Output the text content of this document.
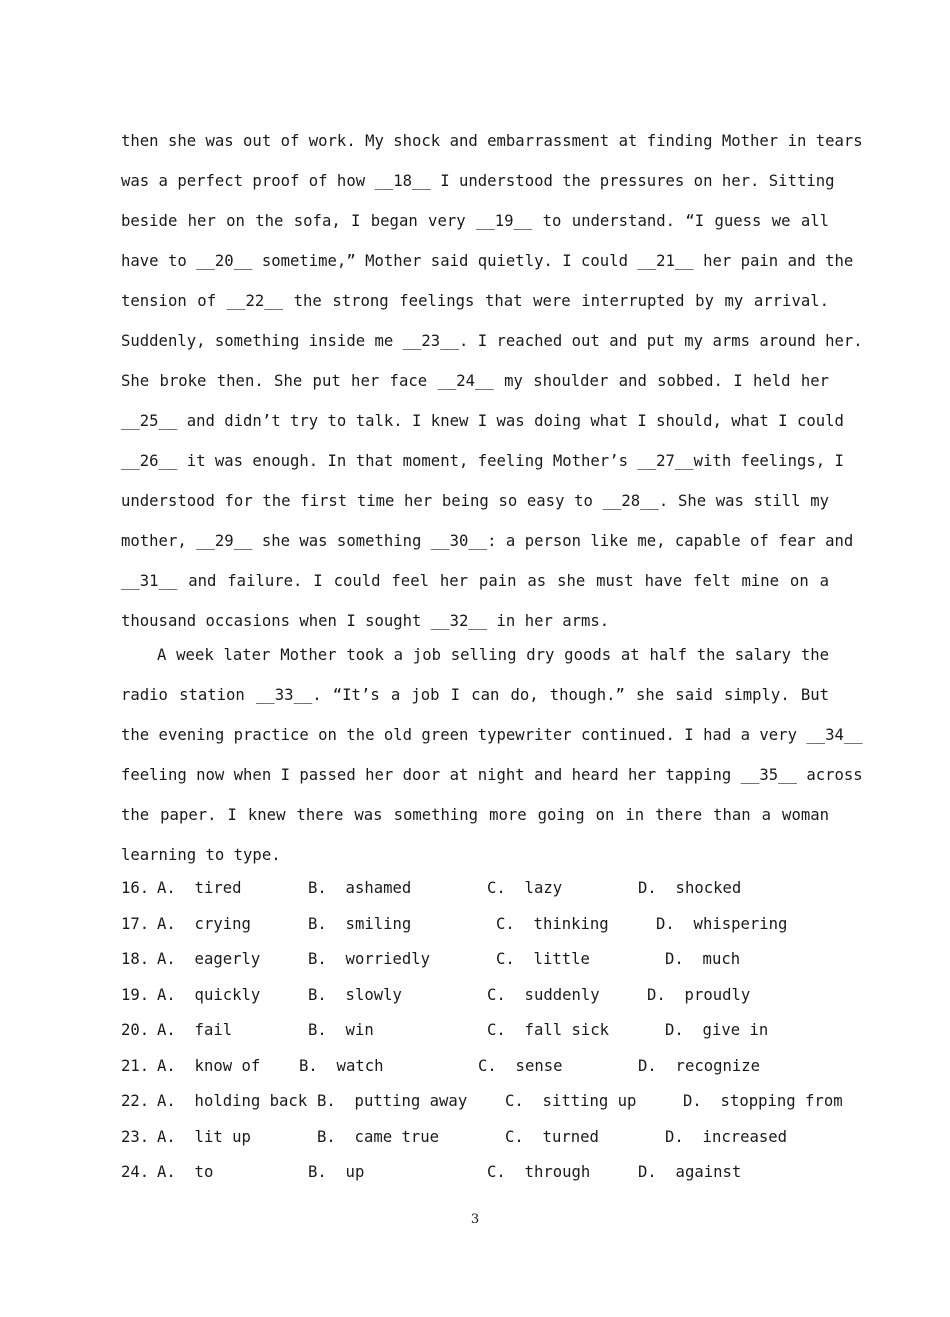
then she was out of work. My shock and embarrassment at finding Mother in tears
was a perfect proof of how __18__ I understood the pressures on her. Sitting
beside her on the sofa, I began very __19__ to understand. “I guess we all
have to __20__ sometime,” Mother said quietly. I could __21__ her pain and the
tension of __22__ the strong feelings that were interrupted by my arrival.
Suddenly, something inside me __23__. I reached out and put my arms around her.
She broke then. She put her face __24__ my shoulder and sobbed. I held her
__25__ and didn’t try to talk. I knew I was doing what I should, what I could
__26__ it was enough. In that moment, feeling Mother’s __27__with feelings, I
understood for the first time her being so easy to __28__. She was still my
mother, __29__ she was something __30__: a person like me, capable of fear and
__31__ and failure. I could feel her pain as she must have felt mine on a
thousand occasions when I sought __32__ in her arms.
A week later Mother took a job selling dry goods at half the salary the
radio station __33__. “It’s a job I can do, though.” she said simply. But
the evening practice on the old green typewriter continued. I had a very __34__
feeling now when I passed her door at night and heard her tapping __35__ across
the paper. I knew there was something more going on in there than a woman
learning to type.
16. A.  tired	B.  ashamed	C.  lazy	D.  shocked
17. A.  crying	B.  smiling	C.  thinking	D.  whispering
18. A.  eagerly	B.  worriedly	C.  little	D.  much
19. A.  quickly	B.  slowly	C.  suddenly	D.  proudly
20. A.  fail	B.  win	C.  fall sick	D.  give in
21. A.  know of B.  watch	C.  sense	D.  recognize
22. A.  holding back B.  putting away C.  sitting up	D.  stopping from
23. A.  lit up	B.  came true	C.  turned	D.  increased
24. A.  to	B.  up	C.  through	D.  against
3
